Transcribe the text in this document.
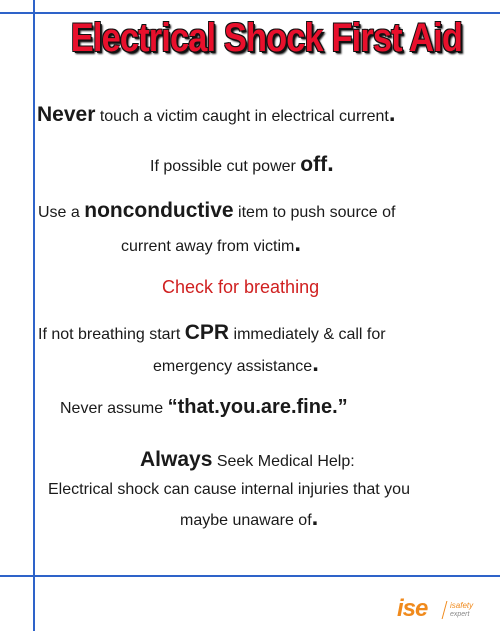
Electrical Shock First Aid
Never touch a victim caught in electrical current.
If possible cut power off.
Use a nonconductive item to push source of
current away from victim.
Check for breathing
If not breathing start CPR immediately & call for
emergency assistance.
Never assume “that.you.are.fine.”
Always Seek Medical Help:
Electrical shock can cause internal injuries that you
maybe unaware of.
ise	isafety
expert
